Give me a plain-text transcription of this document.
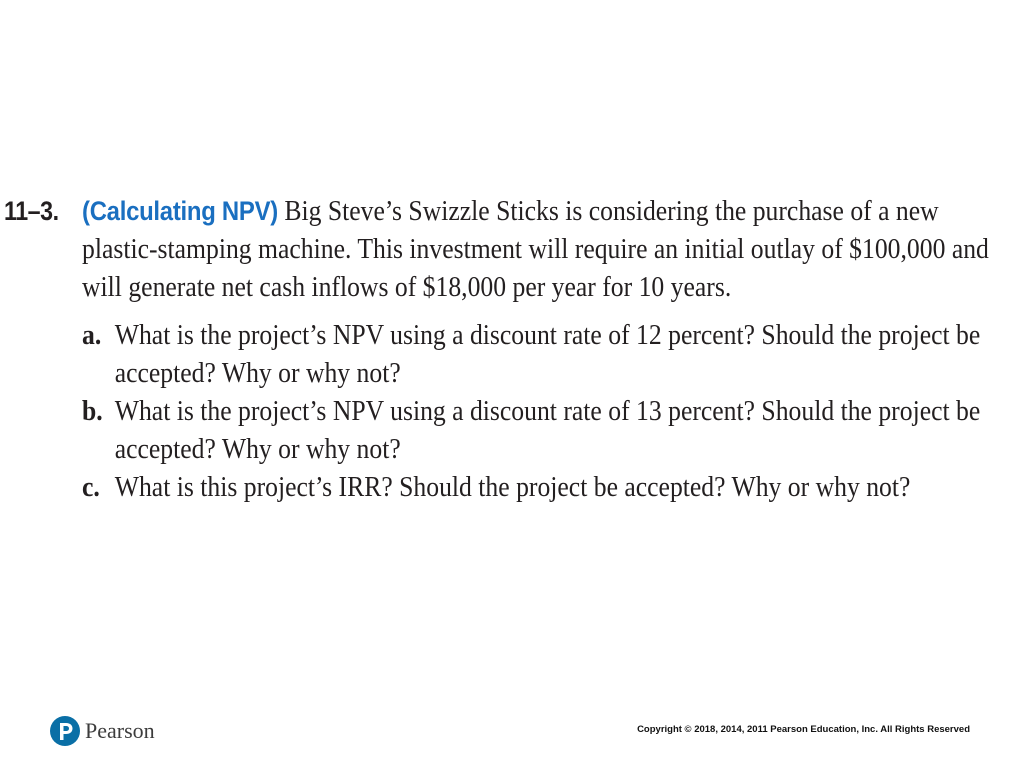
11–3. (Calculating NPV) Big Steve’s Swizzle Sticks is considering the purchase of a new
plastic-stamping machine. This investment will require an initial outlay of $100,000 and
will generate net cash inflows of $18,000 per year for 10 years.
a. What is the project’s NPV using a discount rate of 12 percent? Should the project be
accepted? Why or why not?
b. What is the project’s NPV using a discount rate of 13 percent? Should the project be
accepted? Why or why not?
c. What is this project’s IRR? Should the project be accepted? Why or why not?
Pearson	Copyright © 2018, 2014, 2011 Pearson Education, Inc. All Rights Reserved
